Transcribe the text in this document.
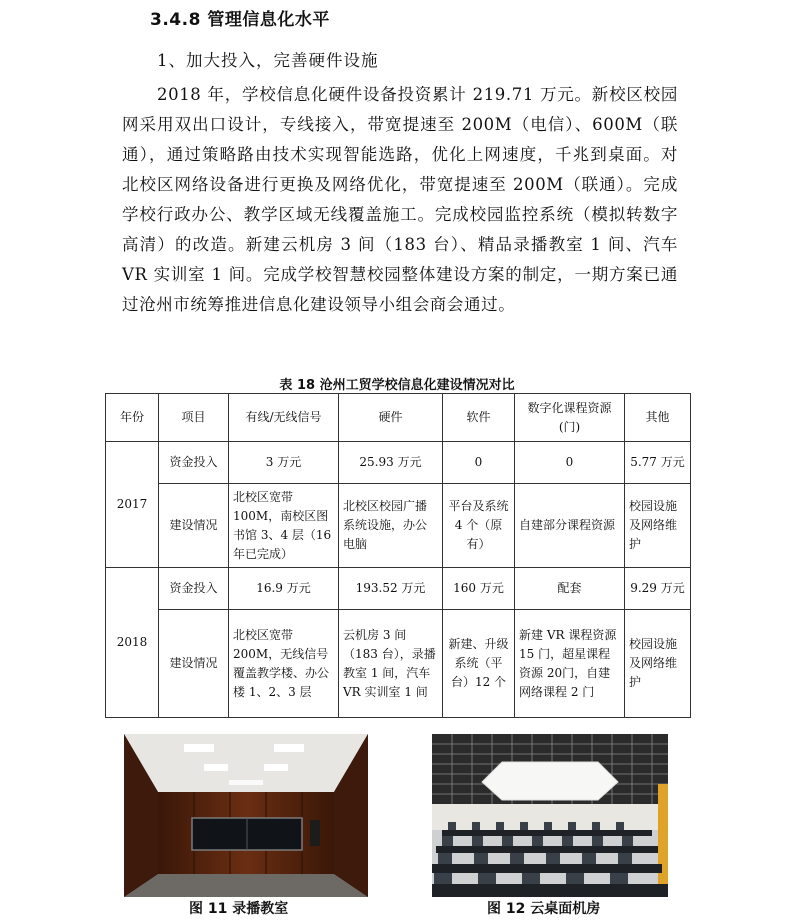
3.4.8 管理信息化水平
1、加大投入，完善硬件设施

2018 年，学校信息化硬件设备投资累计 219.71 万元。新校区校园网采用双出口设计，专线接入，带宽提速至 200M（电信）、600M（联通），通过策略路由技术实现智能选路，优化上网速度，千兆到桌面。对北校区网络设备进行更换及网络优化，带宽提速至 200M（联通）。完成学校行政办公、教学区域无线覆盖施工。完成校园监控系统（模拟转数字高清）的改造。新建云机房 3 间（183 台）、精品录播教室 1 间、汽车 VR 实训室 1 间。完成学校智慧校园整体建设方案的制定，一期方案已通过沧州市统筹推进信息化建设领导小组会商会通过。

表 18 沧州工贸学校信息化建设情况对比
年份	项目	有线/无线信号	硬件	软件	数字化课程资源(门)	其他
2017	资金投入	3 万元	25.93 万元	0	0	5.77 万元
	建设情况	北校区宽带 100M，南校区图书馆 3、4 层（16 年已完成）	北校区校园广播系统设施，办公电脑	平台及系统 4 个（原有）	自建部分课程资源	校园设施及网络维护
2018	资金投入	16.9 万元	193.52 万元	160 万元	配套	9.29 万元
	建设情况	北校区宽带 200M，无线信号覆盖教学楼、办公楼 1、2、3 层	云机房 3 间（183 台），录播教室 1 间，汽车 VR 实训室 1 间	新建、升级系统（平台）12 个	新建 VR 课程资源 15 门，超星课程资源 20门，自建网络课程 2 门	校园设施及网络维护
图 11 录播教室	图 12 云桌面机房
